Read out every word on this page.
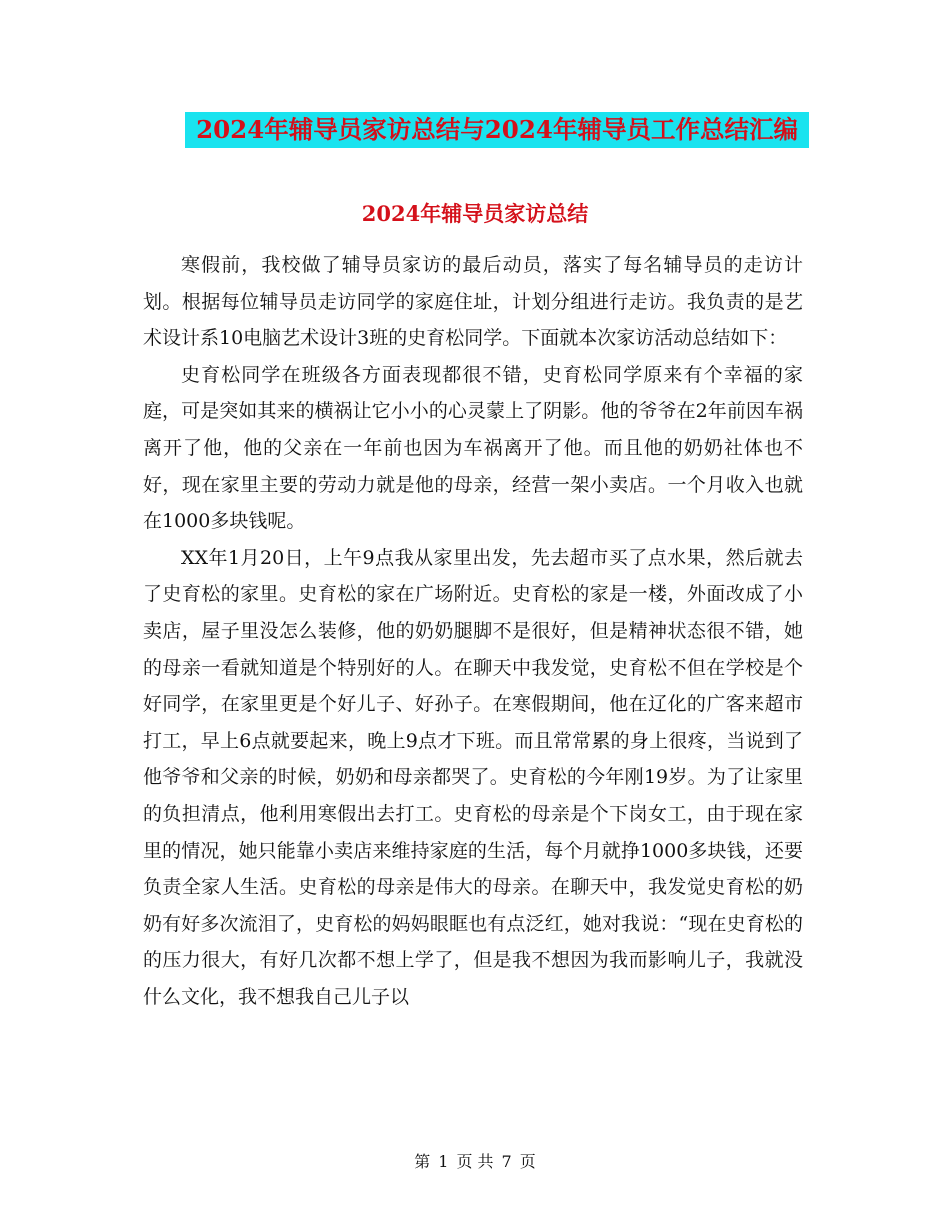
2024年辅导员家访总结与2024年辅导员工作总结汇编
2024年辅导员家访总结

寒假前，我校做了辅导员家访的最后动员，落实了每名辅导员的走访计划。根据每位辅导员走访同学的家庭住址，计划分组进行走访。我负责的是艺术设计系10电脑艺术设计3班的史育松同学。下面就本次家访活动总结如下：

史育松同学在班级各方面表现都很不错，史育松同学原来有个幸福的家庭，可是突如其来的横祸让它小小的心灵蒙上了阴影。他的爷爷在2年前因车祸离开了他，他的父亲在一年前也因为车祸离开了他。而且他的奶奶社体也不好，现在家里主要的劳动力就是他的母亲，经营一架小卖店。一个月收入也就在1000多块钱呢。

XX年1月20日，上午9点我从家里出发，先去超市买了点水果，然后就去了史育松的家里。史育松的家在广场附近。史育松的家是一楼，外面改成了小卖店，屋子里没怎么装修，他的奶奶腿脚不是很好，但是精神状态很不错，她的母亲一看就知道是个特别好的人。在聊天中我发觉，史育松不但在学校是个好同学，在家里更是个好儿子、好孙子。在寒假期间，他在辽化的广客来超市打工，早上6点就要起来，晚上9点才下班。而且常常累的身上很疼，当说到了他爷爷和父亲的时候，奶奶和母亲都哭了。史育松的今年刚19岁。为了让家里的负担清点，他利用寒假出去打工。史育松的母亲是个下岗女工，由于现在家里的情况，她只能靠小卖店来维持家庭的生活，每个月就挣1000多块钱，还要负责全家人生活。史育松的母亲是伟大的母亲。在聊天中，我发觉史育松的奶奶有好多次流泪了，史育松的妈妈眼眶也有点泛红，她对我说：“现在史育松的的压力很大，有好几次都不想上学了，但是我不想因为我而影响儿子，我就没什么文化，我不想我自己儿子以

第 1 页 共 7 页
